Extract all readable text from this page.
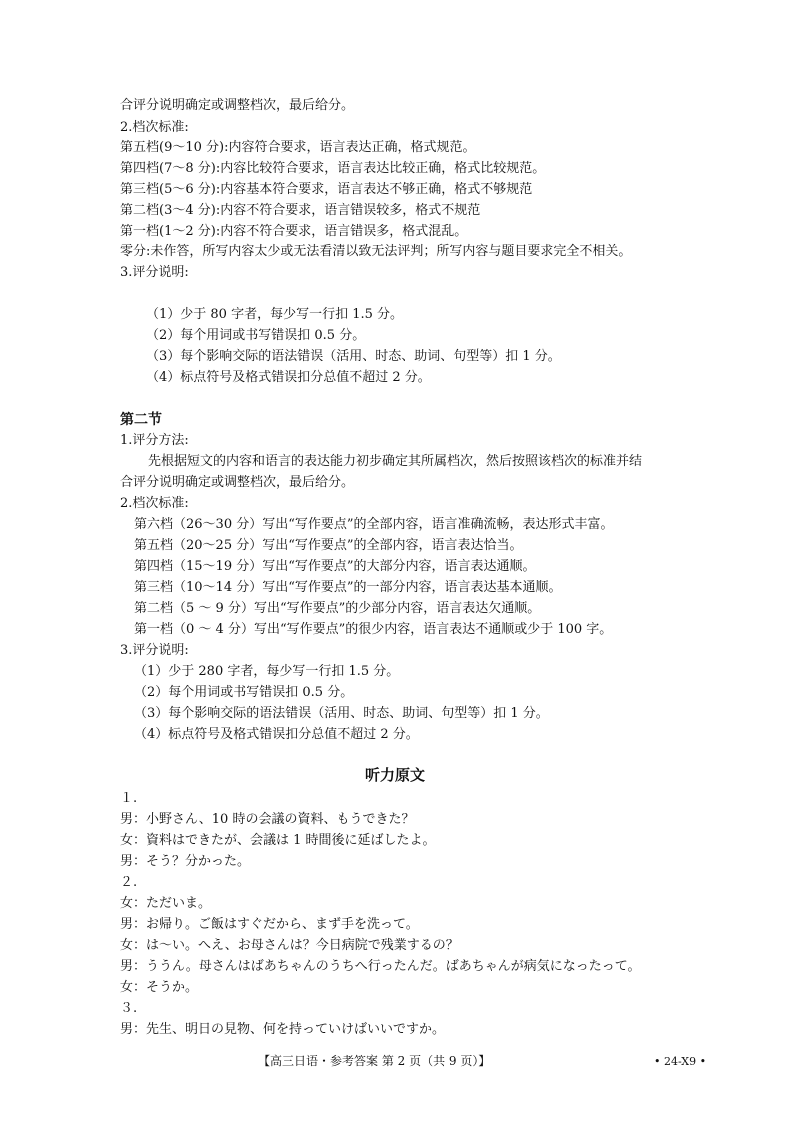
合评分说明确定或调整档次，最后给分。
2.档次标准:
第五档(9～10 分):内容符合要求，语言表达正确，格式规范。
第四档(7～8 分):内容比较符合要求，语言表达比较正确，格式比较规范。
第三档(5～6 分):内容基本符合要求，语言表达不够正确，格式不够规范
第二档(3～4 分):内容不符合要求，语言错误较多，格式不规范
第一档(1～2 分):内容不符合要求，语言错误多，格式混乱。
零分:未作答，所写内容太少或无法看清以致无法评判；所写内容与题目要求完全不相关。
3.评分说明:
（1）少于 80 字者，每少写一行扣 1.5 分。
（2）每个用词或书写错误扣 0.5 分。
（3）每个影响交际的语法错误（活用、时态、助词、句型等）扣 1 分。
（4）标点符号及格式错误扣分总值不超过 2 分。
第二节
1.评分方法:
先根据短文的内容和语言的表达能力初步确定其所属档次，然后按照该档次的标准并结
合评分说明确定或调整档次，最后给分。
2.档次标准:
第六档（26～30 分）写出“写作要点”的全部内容，语言准确流畅，表达形式丰富。
第五档（20～25 分）写出“写作要点”的全部内容，语言表达恰当。
第四档（15～19 分）写出“写作要点”的大部分内容，语言表达通顺。
第三档（10～14 分）写出“写作要点”的一部分内容，语言表达基本通顺。
第二档（5 ～ 9 分）写出“写作要点”的少部分内容，语言表达欠通顺。
第一档（0 ～ 4 分）写出“写作要点”的很少内容，语言表达不通顺或少于 100 字。
3.评分说明:
（1）少于 280 字者，每少写一行扣 1.5 分。
（2）每个用词或书写错误扣 0.5 分。
（3）每个影响交际的语法错误（活用、时态、助词、句型等）扣 1 分。
（4）标点符号及格式错误扣分总值不超过 2 分。
听力原文
１.
男：小野さん、10 時の会議の資料、もうできた？
女：資料はできたが、会議は 1 時間後に延ばしたよ。
男：そう？分かった。
２.
女：ただいま。
男：お帰り。ご飯はすぐだから、まず手を洗って。
女：は～い。へえ、お母さんは？今日病院で残業するの？
男：ううん。母さんはばあちゃんのうちへ行ったんだ。ばあちゃんが病気になったって。
女：そうか。
３.
男：先生、明日の見物、何を持っていけばいいですか。
【高三日语・参考答案 第 2 页（共 9 页）】	• 24-X9 •
